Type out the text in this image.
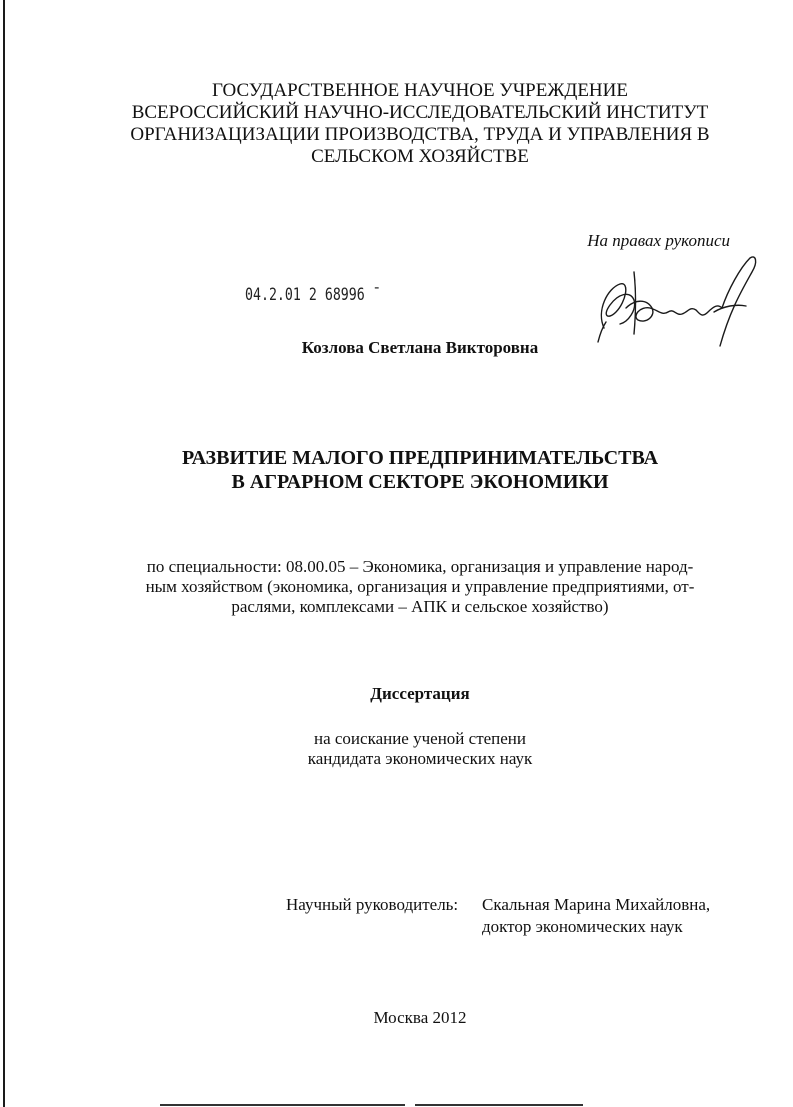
ГОСУДАРСТВЕННОЕ НАУЧНОЕ УЧРЕЖДЕНИЕ
ВСЕРОССИЙСКИЙ НАУЧНО-ИССЛЕДОВАТЕЛЬСКИЙ ИНСТИТУТ
ОРГАНИЗАЦИЗАЦИИ ПРОИЗВОДСТВА, ТРУДА И УПРАВЛЕНИЯ В
СЕЛЬСКОМ ХОЗЯЙСТВЕ
На правах рукописи
04.2.01 2 68996 ˉ
Козлова Светлана Викторовна
РАЗВИТИЕ МАЛОГО ПРЕДПРИНИМАТЕЛЬСТВА
В АГРАРНОМ СЕКТОРЕ ЭКОНОМИКИ
по специальности: 08.00.05 – Экономика, организация и управление народ-
ным хозяйством (экономика, организация и управление предприятиями, от-
раслями, комплексами – АПК и сельское хозяйство)
Диссертация
на соискание ученой степени
кандидата экономических наук
Научный руководитель:	Скальная Марина Михайловна,
доктор экономических наук
Москва 2012
